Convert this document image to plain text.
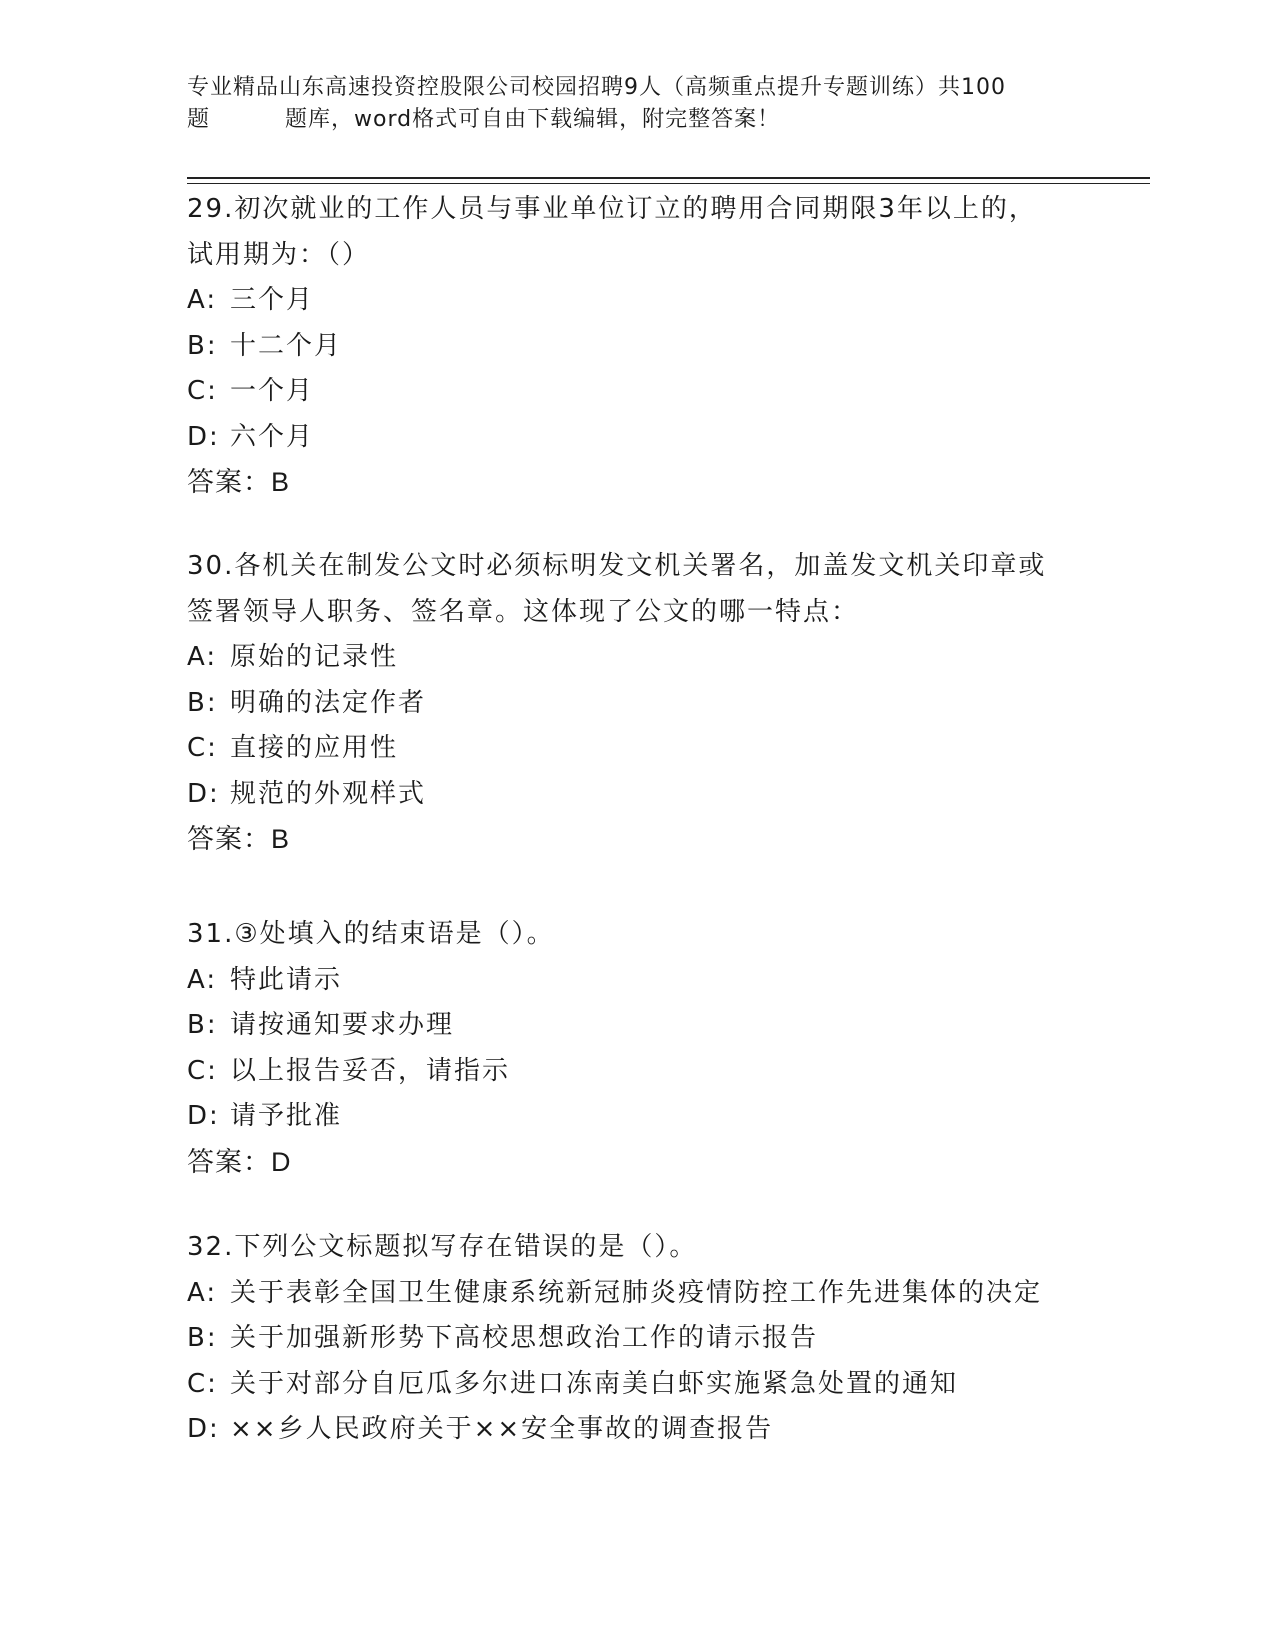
专业精品山东高速投资控股限公司校园招聘9人（高频重点提升专题训练）共100
题	题库，word格式可自由下载编辑，附完整答案！
29.初次就业的工作人员与事业单位订立的聘用合同期限3年以上的，
试用期为：（）
A: 三个月
B: 十二个月
C: 一个月
D: 六个月
答案：B
30.各机关在制发公文时必须标明发文机关署名，加盖发文机关印章或
签署领导人职务、签名章。这体现了公文的哪一特点：
A: 原始的记录性
B: 明确的法定作者
C: 直接的应用性
D: 规范的外观样式
答案：B
31.③处填入的结束语是（）。
A: 特此请示
B: 请按通知要求办理
C: 以上报告妥否，请指示
D: 请予批准
答案：D
32.下列公文标题拟写存在错误的是（）。
A: 关于表彰全国卫生健康系统新冠肺炎疫情防控工作先进集体的决定
B: 关于加强新形势下高校思想政治工作的请示报告
C: 关于对部分自厄瓜多尔进口冻南美白虾实施紧急处置的通知
D: ××乡人民政府关于××安全事故的调查报告
